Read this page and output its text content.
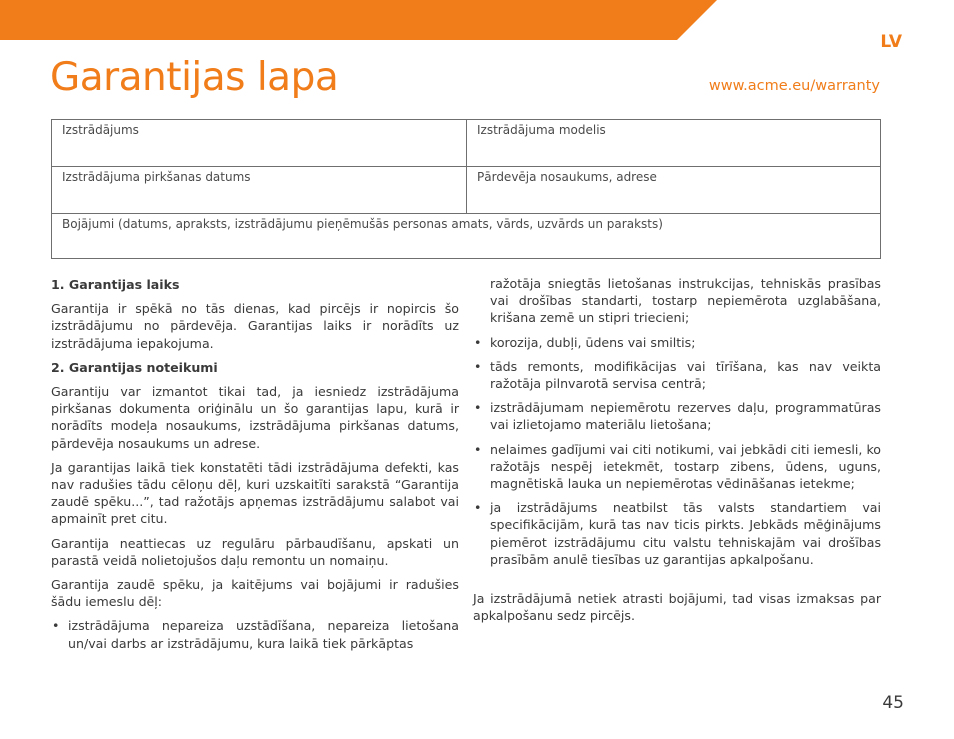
LV
Garantijas lapa	www.acme.eu/warranty
Izstrādājums	Izstrādājuma modelis
Izstrādājuma pirkšanas datums	Pārdevēja nosaukums, adrese
Bojājumi (datums, apraksts, izstrādājumu pieņēmušās personas amats, vārds, uzvārds un paraksts)
1. Garantijas laiks

Garantija ir spēkā no tās dienas, kad pircējs ir nopircis šo izstrādājumu no pārdevēja. Garantijas laiks ir norādīts uz izstrādājuma iepakojuma.

2. Garantijas noteikumi

Garantiju var izmantot tikai tad, ja iesniedz izstrādājuma pirkšanas dokumenta oriģinālu un šo garantijas lapu, kurā ir norādīts modeļa nosaukums, izstrādājuma pirkšanas datums, pārdevēja nosaukums un adrese.

Ja garantijas laikā tiek konstatēti tādi izstrādājuma defekti, kas nav radušies tādu cēloņu dēļ, kuri uzskaitīti sarakstā “Garantija zaudē spēku...”, tad ražotājs apņemas izstrādājumu salabot vai apmainīt pret citu.

Garantija neattiecas uz regulāru pārbaudīšanu, apskati un parastā veidā nolietojušos daļu remontu un nomaiņu.

Garantija zaudē spēku, ja kaitējums vai bojājumi ir radušies šādu iemeslu dēļ:

• izstrādājuma nepareiza uzstādīšana, nepareiza lietošana un/vai darbs ar izstrādājumu, kura laikā tiek pārkāptas
ražotāja sniegtās lietošanas instrukcijas, tehniskās prasības vai drošības standarti, tostarp nepiemērota uzglabāšana, krišana zemē un stipri triecieni;
• korozija, dubļi, ūdens vai smiltis;
• tāds remonts, modifikācijas vai tīrīšana, kas nav veikta ražotāja pilnvarotā servisa centrā;
• izstrādājumam nepiemērotu rezerves daļu, programmatūras vai izlietojamo materiālu lietošana;
• nelaimes gadījumi vai citi notikumi, vai jebkādi citi iemesli, ko ražotājs nespēj ietekmēt, tostarp zibens, ūdens, uguns, magnētiskā lauka un nepiemērotas vēdināšanas ietekme;
• ja izstrādājums neatbilst tās valsts standartiem vai specifikācijām, kurā tas nav ticis pirkts. Jebkāds mēģinājums piemērot izstrādājumu citu valstu tehniskajām vai drošības prasībām anulē tiesības uz garantijas apkalpošanu.

Ja izstrādājumā netiek atrasti bojājumi, tad visas izmaksas par apkalpošanu sedz pircējs.

45
